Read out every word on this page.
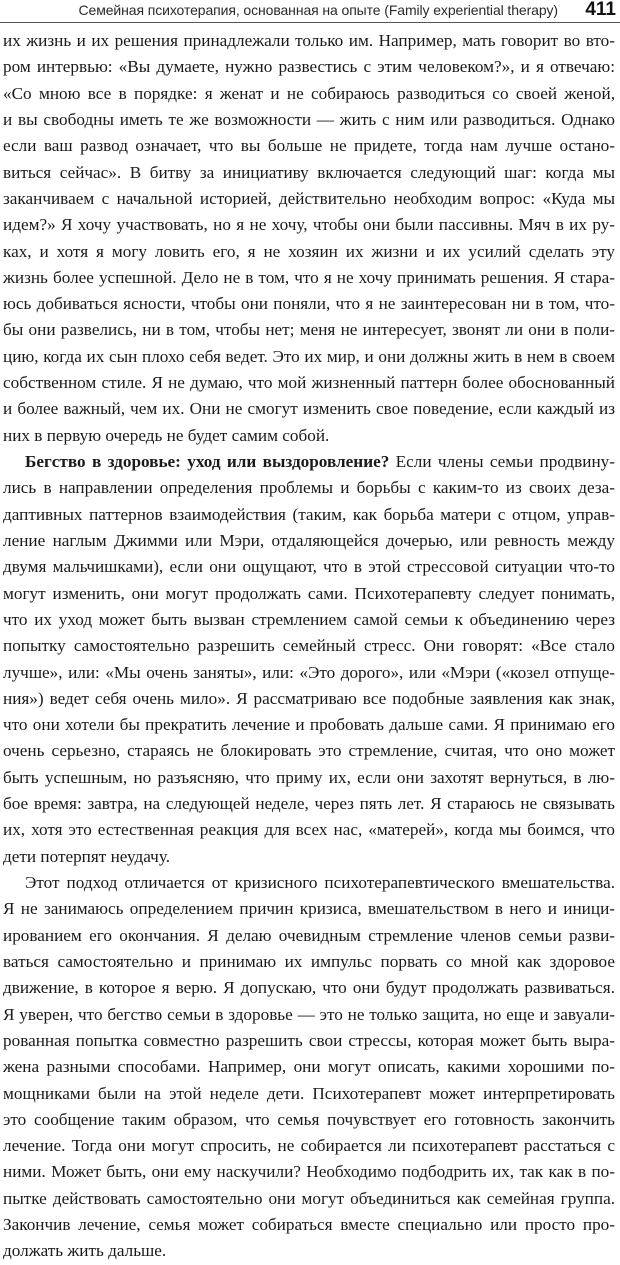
Семейная психотерапия, основанная на опыте (Family experiential therapy) 411
их жизнь и их решения принадлежали только им. Например, мать говорит во вто-
ром интервью: «Вы думаете, нужно развестись с этим человеком?», и я отвечаю:
«Со мною все в порядке: я женат и не собираюсь разводиться со своей женой,
и вы свободны иметь те же возможности — жить с ним или разводиться. Однако
если ваш развод означает, что вы больше не придете, тогда нам лучше остано-
виться сейчас». В битву за инициативу включается следующий шаг: когда мы
заканчиваем с начальной историей, действительно необходим вопрос: «Куда мы
идем?» Я хочу участвовать, но я не хочу, чтобы они были пассивны. Мяч в их ру-
ках, и хотя я могу ловить его, я не хозяин их жизни и их усилий сделать эту
жизнь более успешной. Дело не в том, что я не хочу принимать решения. Я стара-
юсь добиваться ясности, чтобы они поняли, что я не заинтересован ни в том, что-
бы они развелись, ни в том, чтобы нет; меня не интересует, звонят ли они в поли-
цию, когда их сын плохо себя ведет. Это их мир, и они должны жить в нем в своем
собственном стиле. Я не думаю, что мой жизненный паттерн более обоснованный
и более важный, чем их. Они не смогут изменить свое поведение, если каждый из
них в первую очередь не будет самим собой.
Бегство в здоровье: уход или выздоровление? Если члены семьи продвину-
лись в направлении определения проблемы и борьбы с каким-то из своих деза-
даптивных паттернов взаимодействия (таким, как борьба матери с отцом, управ-
ление наглым Джимми или Мэри, отдаляющейся дочерью, или ревность между
двумя мальчишками), если они ощущают, что в этой стрессовой ситуации что-то
могут изменить, они могут продолжать сами. Психотерапевту следует понимать,
что их уход может быть вызван стремлением самой семьи к объединению через
попытку самостоятельно разрешить семейный стресс. Они говорят: «Все стало
лучше», или: «Мы очень заняты», или: «Это дорого», или «Мэри («козел отпуще-
ния») ведет себя очень мило». Я рассматриваю все подобные заявления как знак,
что они хотели бы прекратить лечение и пробовать дальше сами. Я принимаю его
очень серьезно, стараясь не блокировать это стремление, считая, что оно может
быть успешным, но разъясняю, что приму их, если они захотят вернуться, в лю-
бое время: завтра, на следующей неделе, через пять лет. Я стараюсь не связывать
их, хотя это естественная реакция для всех нас, «матерей», когда мы боимся, что
дети потерпят неудачу.
Этот подход отличается от кризисного психотерапевтического вмешательства.
Я не занимаюсь определением причин кризиса, вмешательством в него и иници-
ированием его окончания. Я делаю очевидным стремление членов семьи разви-
ваться самостоятельно и принимаю их импульс порвать со мной как здоровое
движение, в которое я верю. Я допускаю, что они будут продолжать развиваться.
Я уверен, что бегство семьи в здоровье — это не только защита, но еще и завуали-
рованная попытка совместно разрешить свои стрессы, которая может быть выра-
жена разными способами. Например, они могут описать, какими хорошими по-
мощниками были на этой неделе дети. Психотерапевт может интерпретировать
это сообщение таким образом, что семья почувствует его готовность закончить
лечение. Тогда они могут спросить, не собирается ли психотерапевт расстаться с
ними. Может быть, они ему наскучили? Необходимо подбодрить их, так как в по-
пытке действовать самостоятельно они могут объединиться как семейная группа.
Закончив лечение, семья может собираться вместе специально или просто про-
должать жить дальше.
